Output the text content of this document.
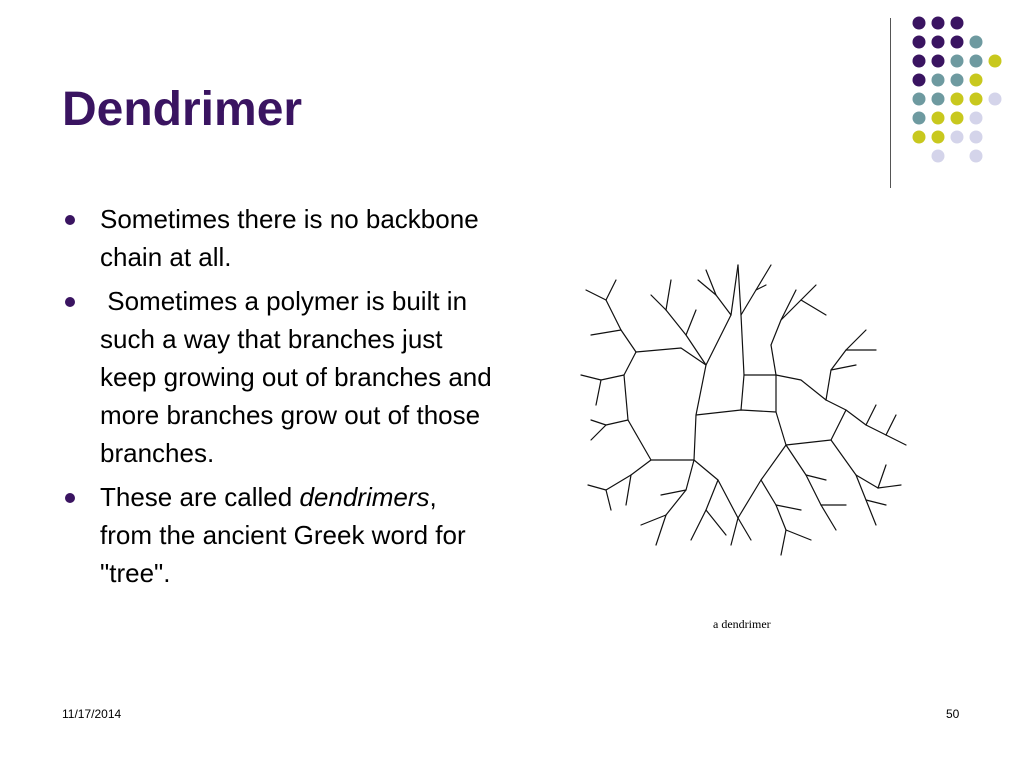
Dendrimer
Sometimes there is no backbone chain at all.
Sometimes a polymer is built in such a way that branches just keep growing out of branches and more branches grow out of those branches.
These are called dendrimers, from the ancient Greek word for "tree".
a dendrimer
11/17/2014	50
